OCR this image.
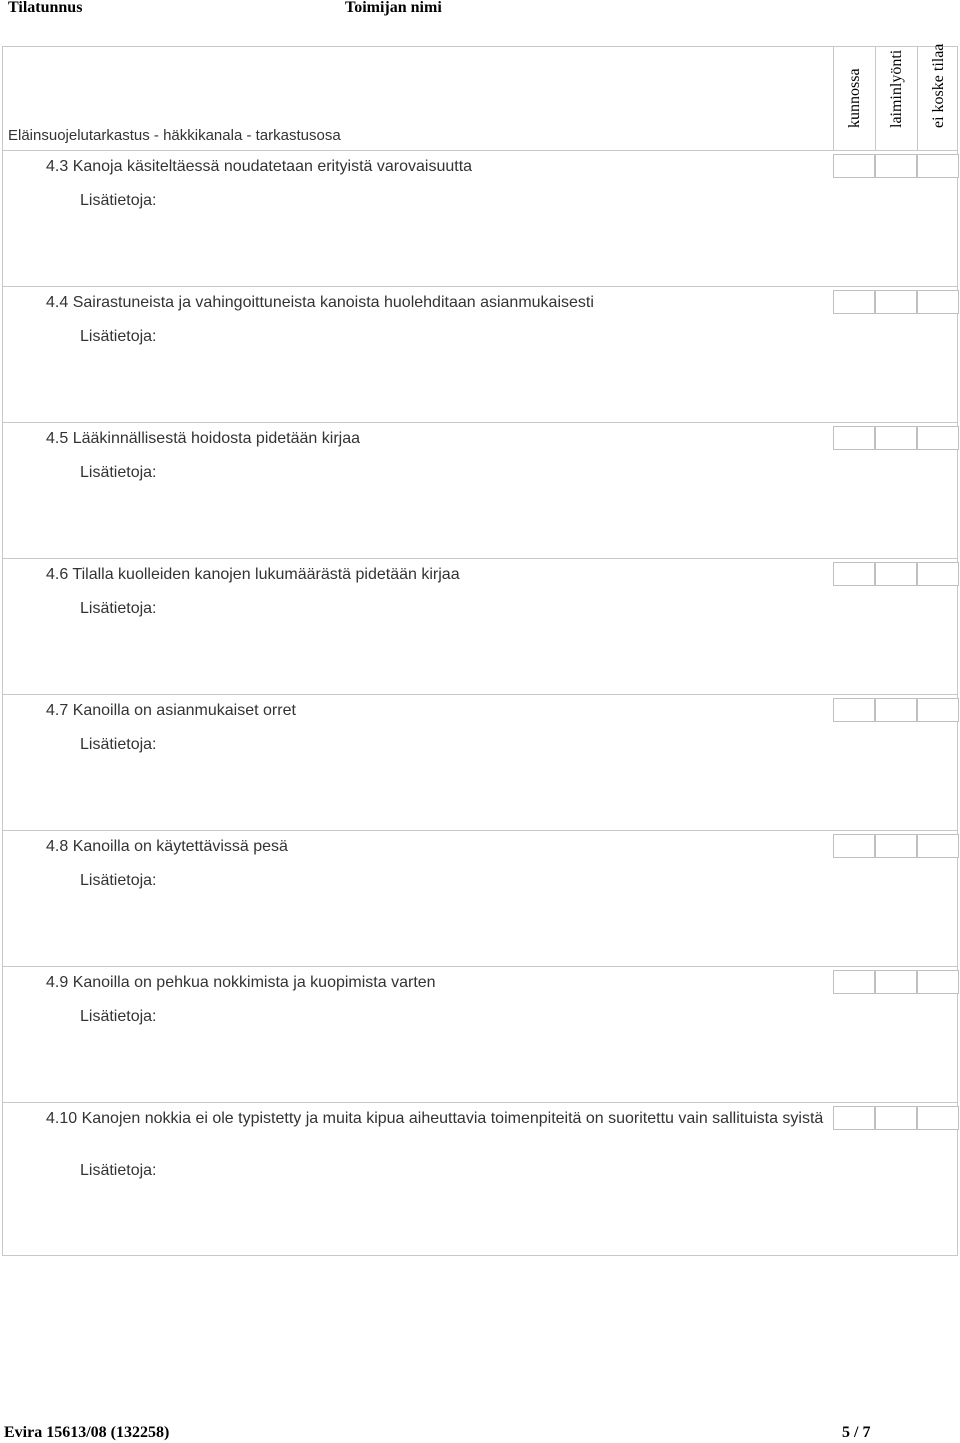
Tilatunnus	Toimijan nimi
Eläinsuojelutarkastus - häkkikanala - tarkastusosa
kunnossa laiminlyönti ei koske tilaa
4.3 Kanoja käsiteltäessä noudatetaan erityistä varovaisuutta
Lisätietoja:
4.4 Sairastuneista ja vahingoittuneista kanoista huolehditaan asianmukaisesti
Lisätietoja:
4.5 Lääkinnällisestä hoidosta pidetään kirjaa
Lisätietoja:
4.6 Tilalla kuolleiden kanojen lukumäärästä pidetään kirjaa
Lisätietoja:
4.7 Kanoilla on asianmukaiset orret
Lisätietoja:
4.8 Kanoilla on käytettävissä pesä
Lisätietoja:
4.9 Kanoilla on pehkua nokkimista ja kuopimista varten
Lisätietoja:
4.10 Kanojen nokkia ei ole typistetty ja muita kipua aiheuttavia toimenpiteitä on suoritettu vain sallituista syistä
Lisätietoja:
Evira 15613/08 (132258)	5 / 7
